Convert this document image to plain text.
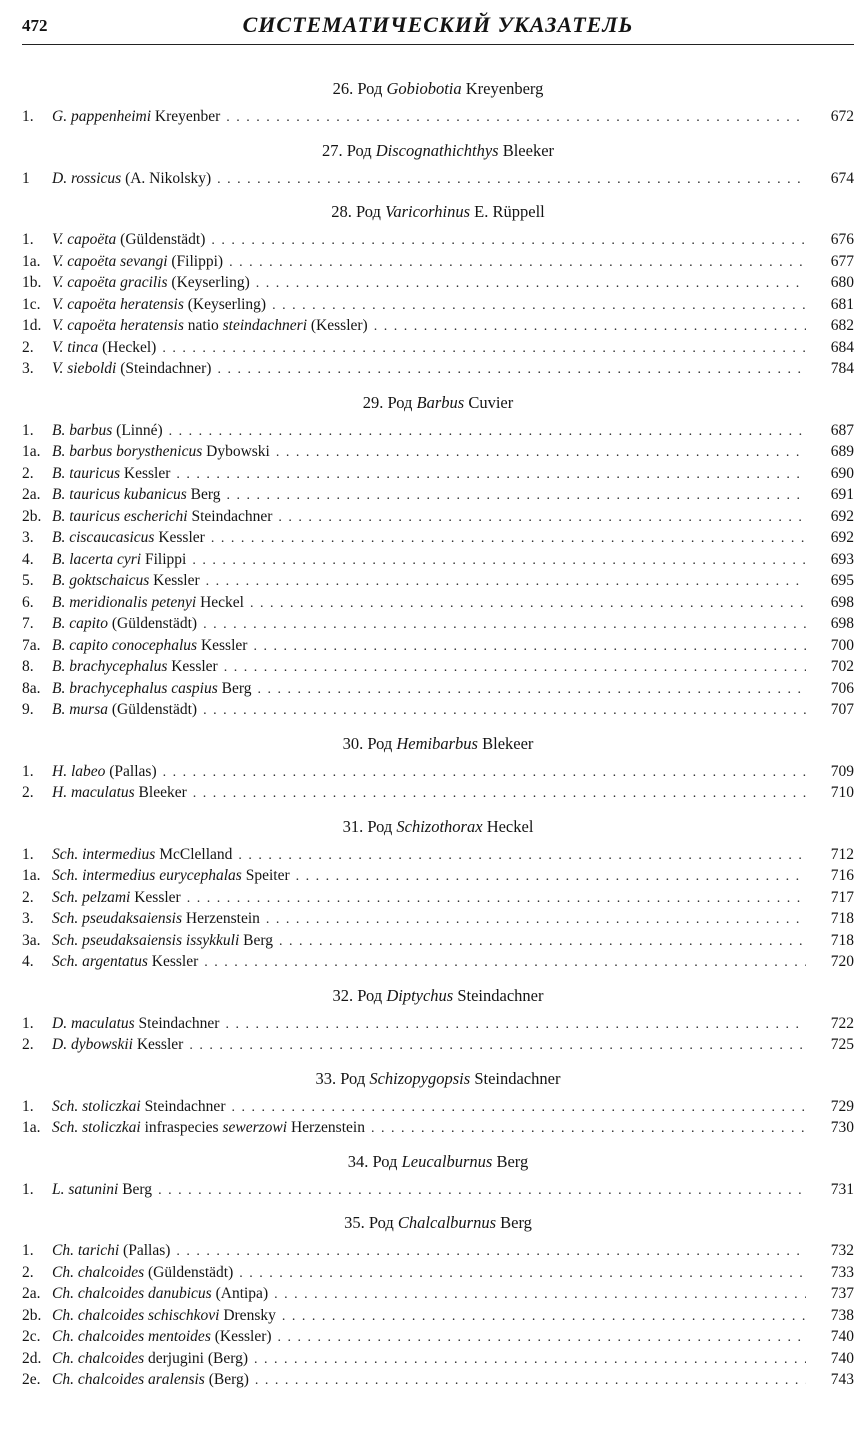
472	СИСТЕМАТИЧЕСКИЙ УКАЗАТЕЛЬ
26. Род Gobiobotia Kreyenberg
1.	G. pappenheimi Kreyenber . . .	672
27. Род Discognathichthys Bleeker
1	D. rossicus (A. Nikolsky) . . .	674
28. Род Varicorhinus E. Rüppell
1.	V. capoëta (Güldenstädt) . . .	676
1a. V. capoëta sevangi (Filippi) . . .	677
1b. V. capoëta gracilis (Keyserling) . . .	680
1c. V. capoëta heratensis (Keyserling) . . .	681
1d. V. capoëta heratensis natio steindachneri (Kessler) . . .	682
2.	V. tinca (Heckel) . . .	684
3.	V. sieboldi (Steindachner) . . .	784
29. Род Barbus Cuvier
1.	B. barbus (Linné) . . .	687
1a. B. barbus borysthenicus Dybowski . . .	689
2.	B. tauricus Kessler . . .	690
2a. B. tauricus kubanicus Berg . . .	691
2b. B. tauricus escherichi Steindachner . . .	692
3.	B. ciscaucasicus Kessler . . .	692
4.	B. lacerta cyri Filippi . . .	693
5.	B. goktschaicus Kessler . . .	695
6.	B. meridionalis petenyi Heckel . . .	698
7.	B. capito (Güldenstädt) . . .	698
7a. B. capito conocephalus Kessler . . .	700
8.	B. brachycephalus Kessler . . .	702
8a. B. brachycephalus caspius Berg . . .	706
9.	B. mursa (Güldenstädt) . . .	707
30. Род Hemibarbus Blekeer
1.	H. labeo (Pallas) . . .	709
2.	H. maculatus Bleeker . . .	710
31. Род Schizothorax Heckel
1.	Sch. intermedius McClelland . . .	712
1a. Sch. intermedius eurycephalas Speiter . . .	716
2.	Sch. pelzami Kessler . . .	717
3.	Sch. pseudaksaiensis Herzenstein . . .	718
3a. Sch. pseudaksaiensis issykkuli Berg . . .	718
4.	Sch. argentatus Kessler . . .	720
32. Род Diptychus Steindachner
1.	D. maculatus Steindachner . . .	722
2.	D. dybowskii Kessler . . .	725
33. Род Schizopygopsis Steindachner
1.	Sch. stoliczkai Steindachner . . .	729
1a. Sch. stoliczkai infraspecies sewerzowi Herzenstein . . .	730
34. Род Leucalburnus Berg
1.	L. satunini Berg . . .	731
35. Род Chalcalburnus Berg
1.	Ch. tarichi (Pallas) . . .	732
2.	Ch. chalcoides (Güldenstädt) . . .	733
2a. Ch. chalcoides danubicus (Antipa) . . .	737
2b. Ch. chalcoides schischkovi Drensky . . .	738
2c. Ch. chalcoides mentoides (Kessler) . . .	740
2d. Ch. chalcoides derjugini (Berg) . . .	740
2e. Ch. chalcoides aralensis (Berg) . . .	743
